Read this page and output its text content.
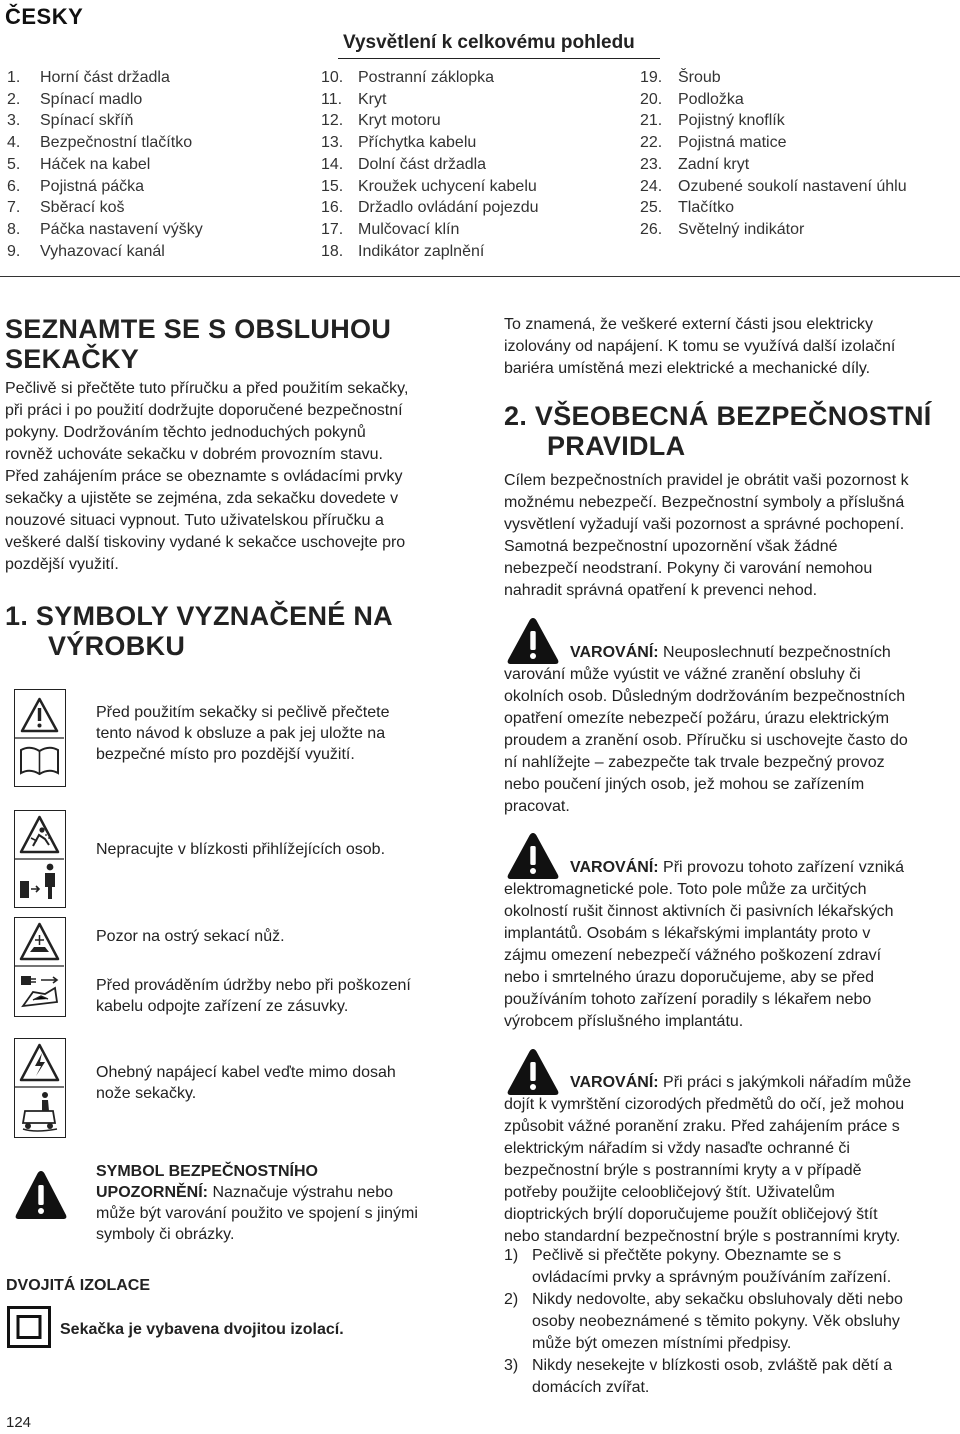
ČESKY
Vysvětlení k celkovému pohledu
1. Horní část držadla
2. Spínací madlo
3. Spínací skříň
4. Bezpečnostní tlačítko
5. Háček na kabel
6. Pojistná páčka
7. Sběrací koš
8. Páčka nastavení výšky
9. Vyhazovací kanál
10. Postranní záklopka
11. Kryt
12. Kryt motoru
13. Příchytka kabelu
14. Dolní část držadla
15. Kroužek uchycení kabelu
16. Držadlo ovládání pojezdu
17. Mulčovací klín
18. Indikátor zaplnění
19. Šroub
20. Podložka
21. Pojistný knoflík
22. Pojistná matice
23. Zadní kryt
24. Ozubené soukolí nastavení úhlu
25. Tlačítko
26. Světelný indikátor
SEZNAMTE SE S OBSLUHOU
SEKAČKY
Pečlivě si přečtěte tuto příručku a před použitím sekačky,
při práci i po použití dodržujte doporučené bezpečnostní
pokyny. Dodržováním těchto jednoduchých pokynů
rovněž uchováte sekačku v dobrém provozním stavu.
Před zahájením práce se obeznamte s ovládacími prvky
sekačky a ujistěte se zejména, zda sekačku dovedete v
nouzové situaci vypnout. Tuto uživatelskou příručku a
veškeré další tiskoviny vydané k sekačce uschovejte pro
pozdější využití.
1. SYMBOLY VYZNAČENÉ NA
VÝROBKU
Před použitím sekačky si pečlivě přečtete
tento návod k obsluze a pak jej uložte na
bezpečné místo pro pozdější využití.
Nepracujte v blízkosti přihlížejících osob.
Pozor na ostrý sekací nůž.
Před prováděním údržby nebo při poškození
kabelu odpojte zařízení ze zásuvky.
Ohebný napájecí kabel veďte mimo dosah
nože sekačky.
SYMBOL BEZPEČNOSTNÍHO
UPOZORNĚNÍ: Naznačuje výstrahu nebo
může být varování použito ve spojení s jinými
symboly či obrázky.
DVOJITÁ IZOLACE
Sekačka je vybavena dvojitou izolací.
To znamená, že veškeré externí části jsou elektricky
izolovány od napájení. K tomu se využívá další izolační
bariéra umístěná mezi elektrické a mechanické díly.
2. VŠEOBECNÁ BEZPEČNOSTNÍ
PRAVIDLA
Cílem bezpečnostních pravidel je obrátit vaši pozornost k
možnému nebezpečí. Bezpečnostní symboly a příslušná
vysvětlení vyžadují vaši pozornost a správné pochopení.
Samotná bezpečnostní upozornění však žádné
nebezpečí neodstraní. Pokyny či varování nemohou
nahradit správná opatření k prevenci nehod.
VAROVÁNÍ: Neuposlechnutí bezpečnostních
varování může vyústit ve vážné zranění obsluhy či
okolních osob. Důsledným dodržováním bezpečnostních
opatření omezíte nebezpečí požáru, úrazu elektrickým
proudem a zranění osob. Příručku si uschovejte často do
ní nahlížejte – zabezpečte tak trvale bezpečný provoz
nebo poučení jiných osob, jež mohou se zařízením
pracovat.
VAROVÁNÍ: Při provozu tohoto zařízení vzniká
elektromagnetické pole. Toto pole může za určitých
okolností rušit činnost aktivních či pasivních lékařských
implantátů. Osobám s lékařskými implantáty proto v
zájmu omezení nebezpečí vážného poškození zdraví
nebo i smrtelného úrazu doporučujeme, aby se před
používáním tohoto zařízení poradily s lékařem nebo
výrobcem příslušného implantátu.
VAROVÁNÍ: Při práci s jakýmkoli nářadím může
dojít k vymrštění cizorodých předmětů do očí, jež mohou
způsobit vážné poranění zraku. Před zahájením práce s
elektrickým nářadím si vždy nasaďte ochranné či
bezpečnostní brýle s postranními kryty a v případě
potřeby použijte celoobličejový štít. Uživatelům
dioptrických brýlí doporučujeme použít obličejový štít
nebo standardní bezpečnostní brýle s postranními kryty.
1) Pečlivě si přečtěte pokyny. Obeznamte se s
ovládacími prvky a správným používáním zařízení.
2) Nikdy nedovolte, aby sekačku obsluhovaly děti nebo
osoby neobeznámené s těmito pokyny. Věk obsluhy
může být omezen místními předpisy.
3) Nikdy nesekejte v blízkosti osob, zvláště pak dětí a
domácích zvířat.
124
